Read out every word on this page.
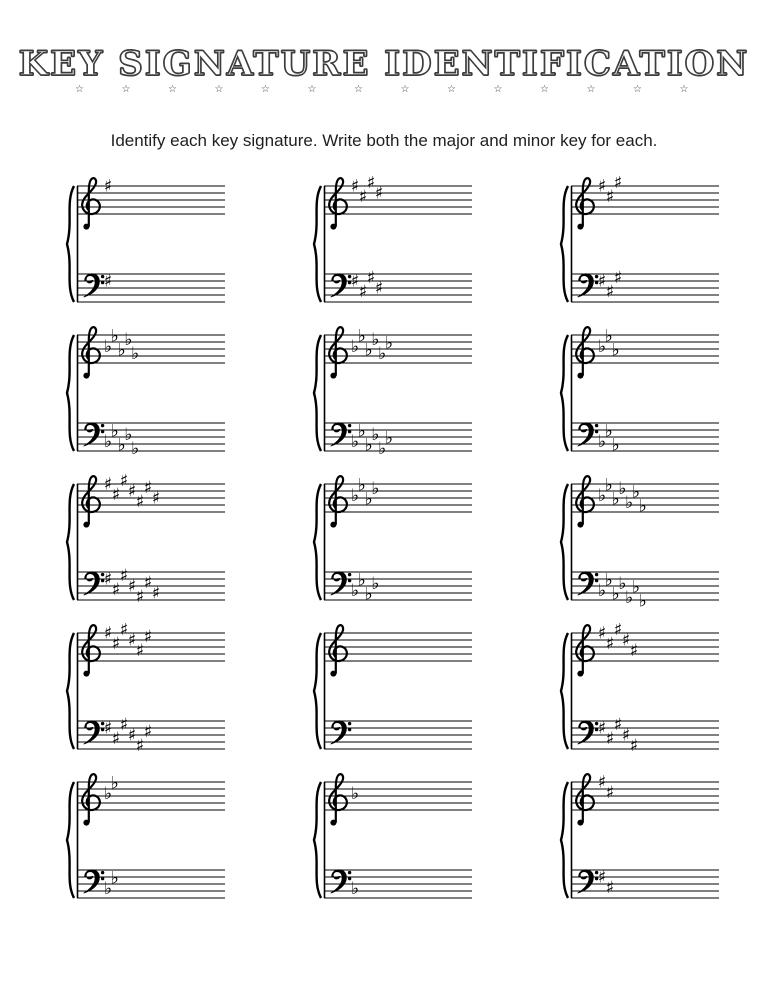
KEY SIGNATURE IDENTIFICATION
☆	☆	☆	☆	☆	☆	☆	☆	☆	☆	☆	☆	☆	☆
Identify each key signature. Write both the major and minor key for each.
♯
♯
♯
♯
♯
♯
♯
♯
♯
♯
♯
♯
♯
♯
♯
♯
♭
♭
♭
♭
♭
♭
♭
♭
♭
♭
♭
♭
♭
♭
♭
♭
♭
♭
♭
♭
♭
♭
♭
♭
♭
♭
♭
♭
♯
♯
♯
♯
♯
♯
♯
♯
♯
♯
♯
♯
♯
♯
♭
♭
♭
♭
♭
♭
♭
♭
♭
♭
♭
♭
♭
♭
♭
♭
♭
♭
♭
♭
♭
♭
♯
♯
♯
♯
♯
♯
♯
♯
♯
♯
♯
♯
♯
♯
♯
♯
♯
♯
♯
♯
♯
♯
♭
♭
♭
♭
♭
♭
♯
♯
♯
♯
